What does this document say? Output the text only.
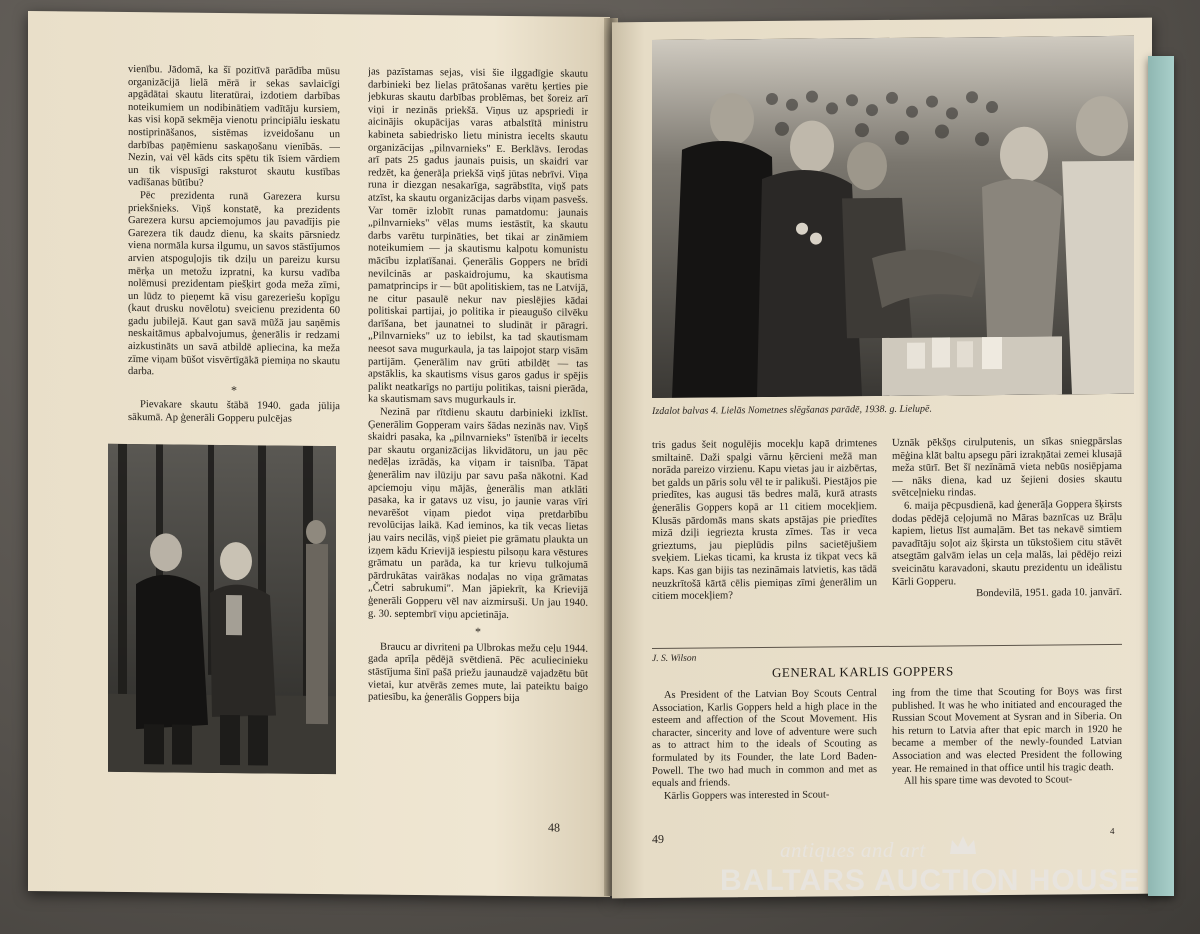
vienību. Jādomā, ka šī pozitīvā parādība mūsu organizācijā lielā mērā ir sekas savlaicīgi apgādātai skautu literatūrai, izdotiem darbības noteikumiem un nodibinātiem vadītāju kursiem, kas visi kopā sekmēja vienotu principiālu ieskatu nostiprināšanos, sistēmas izveidošanu un darbības paņēmienu saskaņošanu vienībās. — Nezin, vai vēl kāds cits spētu tik īsiem vārdiem un tik vispusīgi raksturot skautu kustības vadīšanas būtību?

Pēc prezidenta runā Garezera kursu priekšnieks. Viņš konstatē, ka prezidents Garezera kursu apciemojumos jau pavadījis pie Garezera tik daudz dienu, ka skaits pārsniedz viena normāla kursa ilgumu, un savos stāstījumos arvien atspoguļojis tik dziļu un pareizu kursu mērķa un metožu izpratni, ka kursu vadība nolēmusi prezidentam piešķirt goda meža zīmi, un lūdz to pieņemt kā visu garezeriešu kopīgu (kaut drusku novēlotu) sveicienu prezidenta 60 gadu jubilejā. Kaut gan savā mūžā jau saņēmis neskaitāmus apbalvojumus, ģenerālis ir redzami aizkustināts un savā atbildē apliecina, ka meža zīme viņam būšot visvērtīgākā piemiņa no skautu darba.

*

Pievakare skautu štābā 1940. gada jūlija sākumā. Ap ģenerāli Gopperu pulcējas

jas pazīstamas sejas, visi šie ilggadīgie skautu darbinieki bez lielas prātošanas varētu ķerties pie jebkuras skautu darbības problēmas, bet šoreiz arī viņi ir nezinās priekšā. Viņus uz apspriedi ir aicinājis okupācijas varas atbalstītā ministru kabineta sabiedrisko lietu ministra iecelts skautu organizācijas „pilnvarnieks" E. Berklāvs. Ierodas arī pats 25 gadus jaunais puisis, un skaidri var redzēt, ka ģenerāļa priekšā viņš jūtas nebrīvi. Viņa runa ir diezgan nesakarīga, sagrābstīta, viņš pats atzīst, ka skautu organizācijas darbs viņam pasvešs. Var tomēr izlobīt runas pamatdomu: jaunais „pilnvarnieks" vēlas mums iestāstīt, ka skautu darbs varētu turpināties, bet tikai ar zināmiem noteikumiem — ja skautismu kalpotu komunistu mācību izplatīšanai. Ģenerālis Goppers ne brīdi nevilcinās ar paskaidrojumu, ka skautisma pamatprincips ir — būt apolitiskiem, tas ne Latvijā, ne citur pasaulē nekur nav pieslējies kādai politiskai partijai, jo politika ir pieaugušo cilvēku darīšana, bet jaunatnei to sludināt ir pāragri. „Pilnvarnieks" uz to iebilst, ka tad skautismam neesot sava mugurkaula, ja tas laipojot starp visām partijām. Ģenerālim nav grūti atbildēt — tas apstāklis, ka skautisms visus garos gadus ir spējis palikt neatkarīgs no partiju politikas, taisni pierāda, ka skautismam savs mugurkauls ir.

Nezinā par rītdienu skautu darbinieki izklīst. Ģenerālim Gopperam vairs šādas nezinās nav. Viņš skaidri pasaka, ka „pilnvarnieks" īstenībā ir iecelts par skautu organizācijas likvidātoru, un jau pēc nedēļas izrādās, ka viņam ir taisnība. Tāpat ģenerālim nav ilūziju par savu paša nākotni. Kad apciemoju viņu mājās, ģenerālis man atklāti pasaka, ka ir gatavs uz visu, jo jaunie varas vīri nevarēšot viņam piedot viņa pretdarbību revolūcijas laikā. Kad ieminos, ka tik vecas lietas jau vairs necilās, viņš pieiet pie grāmatu plaukta un izņem kādu Krievijā iespiestu pilsoņu kara vēstures grāmatu un parāda, ka tur krievu tulkojumā pārdrukātas vairākas nodaļas no viņa grāmatas „Četri sabrukumi". Man jāpiekrīt, ka Krievijā ģenerāli Gopperu vēl nav aizmirsuši. Un jau 1940. g. 30. septembrī viņu apcietināja.

*

Braucu ar divriteni pa Ulbrokas mežu ceļu 1944. gada aprīļa pēdējā svētdienā. Pēc aculiecinieku stāstījuma šinī pašā priežu jaunaudzē vajadzētu būt vietai, kur atvērās zemes mute, lai pateiktu baigo patiesību, ka ģenerālis Goppers bija

48
Izdalot balvas 4. Lielās Nometnes slēgšanas parādē, 1938. g. Lielupē.

tris gadus šeit nogulējis mocekļu kapā drimtenes smiltainē. Daži spalgi vārnu ķērcieni mežā man norāda pareizo virzienu. Kapu vietas jau ir aizbērtas, bet galds un pāris solu vēl te ir palikuši. Piestājos pie priedītes, kas augusi tās bedres malā, kurā atrasts ģenerālis Goppers kopā ar 11 citiem mocekļiem. Klusās pārdomās mans skats apstājas pie priedītes mizā dziļi iegriezta krusta zīmes. Tas ir veca grieztums, jau pieplūdis pilns sacietējušiem sveķiem. Liekas ticami, ka krusta iz tikpat vecs kā kaps. Kas gan bijis tas nezināmais latvietis, kas tādā neuzkrītošā kārtā cēlis piemiņas zīmi ģenerālim un citiem mocekļiem?

Uznāk pēkšņs cirulputenis, un sīkas sniegpārslas mēģina klāt baltu apsegu pāri izrakņātai zemei klusajā meža stūrī. Bet šī nezīnāmā vieta nebūs nosiēpjama — nāks diena, kad uz šejieni dosies skautu svētceļnieku rindas.

6. maija pēcpusdienā, kad ģenerāļa Goppera šķirsts dodas pēdējā ceļojumā no Māras baznīcas uz Brāļu kapiem, lietus līst aumaļām. Bet tas nekavē simtiem pavadītāju soļot aiz šķirsta un tūkstošiem citu stāvēt atsegtām galvām ielas un ceļa malās, lai pēdējo reizi sveicinātu karavadoni, skautu prezidentu un ideālistu Kārli Gopperu.

Bondevilā, 1951. gada 10. janvārī.

J. S. Wilson
GENERAL KARLIS GOPPERS

As President of the Latvian Boy Scouts Central Association, Karlis Goppers held a high place in the esteem and affection of the Scout Movement. His character, sincerity and love of adventure were such as to attract him to the ideals of Scouting as formulated by its Founder, the late Lord Baden-Powell. The two had much in common and met as equals and friends.

Kārlis Goppers was interested in Scout-

ing from the time that Scouting for Boys was first published. It was he who initiated and encouraged the Russian Scout Movement at Sysran and in Siberia. On his return to Latvia after that epic march in 1920 he became a member of the newly-founded Latvian Association and was elected President the following year. He remained in that office until his tragic death.

All his spare time was devoted to Scout-

49
4
antiques and art
BALTARS AUCTI N HOUSE
